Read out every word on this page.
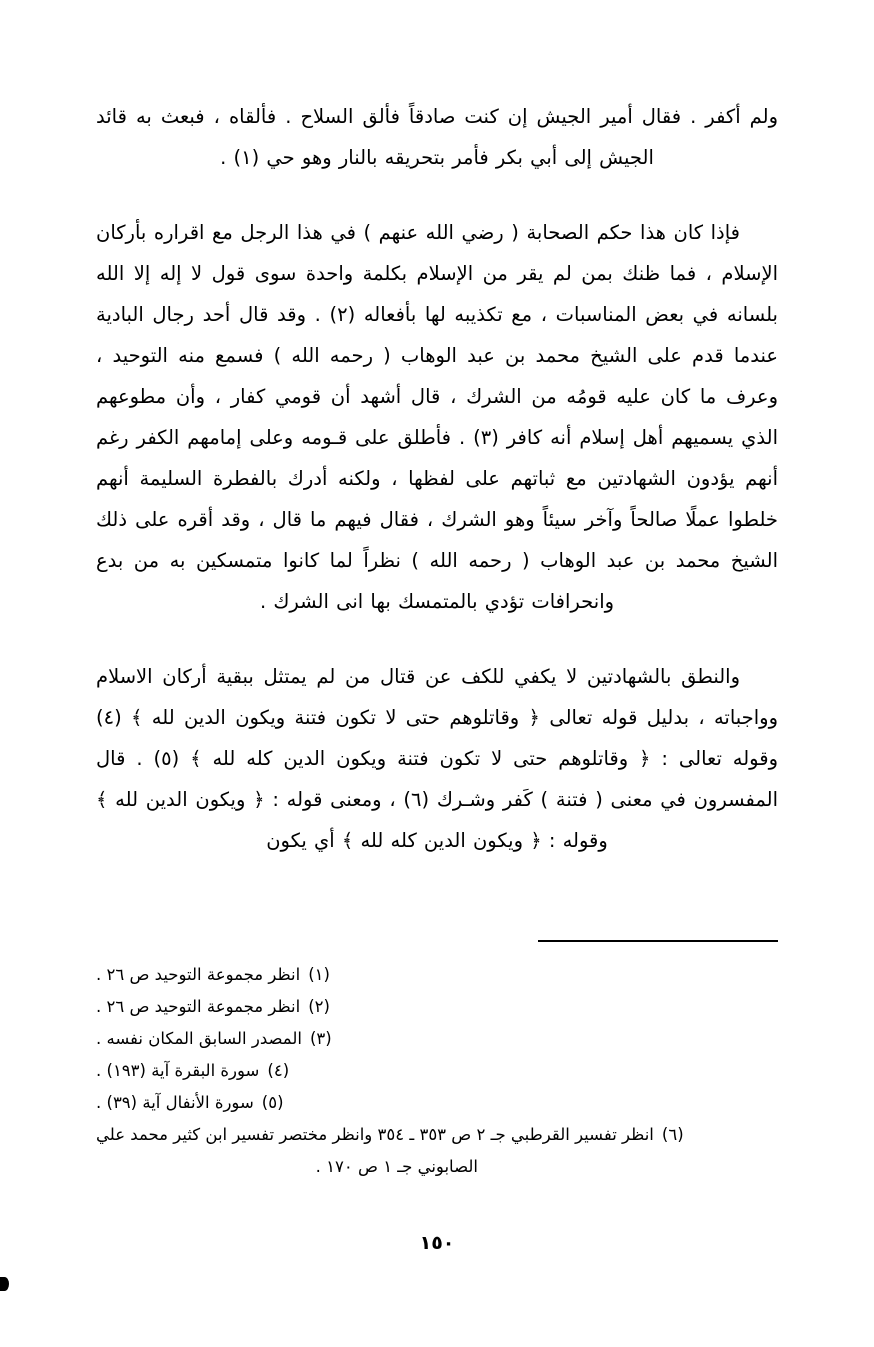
ولم أكفر . فقال أمير الجيش إن كنت صادقاً فألق السلاح . فألقاه ، فبعث به قائد الجيش إلى أبي بكر فأمر بتحريقه بالنار وهو حي (١) .

فإذا كان هذا حكم الصحابة ( رضي الله عنهم ) في هذا الرجل مع اقراره بأركان الإسلام ، فما ظنك بمن لم يقر من الإسلام بكلمة واحدة سوى قول لا إله إلا الله بلسانه في بعض المناسبات ، مع تكذيبه لها بأفعاله (٢) . وقد قال أحد رجال البادية عندما قدم على الشيخ محمد بن عبد الوهاب ( رحمه الله ) فسمع منه التوحيد ، وعرف ما كان عليه قومُه من الشرك ، قال أشهد أن قومي كفار ، وأن مطوعهم الذي يسميهم أهل إسلام أنه كافر (٣) . فأطلق على قـومه وعلى إمامهم الكفر رغم أنهم يؤدون الشهادتين مع ثباتهم على لفظها ، ولكنه أدرك بالفطرة السليمة أنهم خلطوا عملًا صالحاً وآخر سيئاً وهو الشرك ، فقال فيهم ما قال ، وقد أقره على ذلك الشيخ محمد بن عبد الوهاب ( رحمه الله ) نظراً لما كانوا متمسكين به من بدع وانحرافات تؤدي بالمتمسك بها انى الشرك .

والنطق بالشهادتين لا يكفي للكف عن قتال من لم يمتثل ببقية أركان الاسلام وواجباته ، بدليل قوله تعالى ﴿ وقاتلوهم حتى لا تكون فتنة ويكون الدين لله ﴾ (٤) وقوله تعالى : ﴿ وقاتلوهم حتى لا تكون فتنة ويكون الدين كله لله ﴾ (٥) . قال المفسرون في معنى ( فتنة ) كَفر وشـرك (٦) ، ومعنى قوله : ﴿ ويكون الدين لله ﴾ وقوله : ﴿ ويكون الدين كله لله ﴾ أي يكون

(١)
انظر مجموعة التوحيد ص ٢٦ .
(٢)
انظر مجموعة التوحيد ص ٢٦ .
(٣)
المصدر السابق المكان نفسه .
(٤)
سورة البقرة آية (١٩٣) .
(٥)
سورة الأنفال آية (٣٩) .
(٦)
انظر تفسير القرطبي جـ ٢ ص ٣٥٣ ـ ٣٥٤ وانظر مختصر تفسير ابن كثير محمد علي
الصابوني جـ ١ ص ١٧٠ .
١٥٠
